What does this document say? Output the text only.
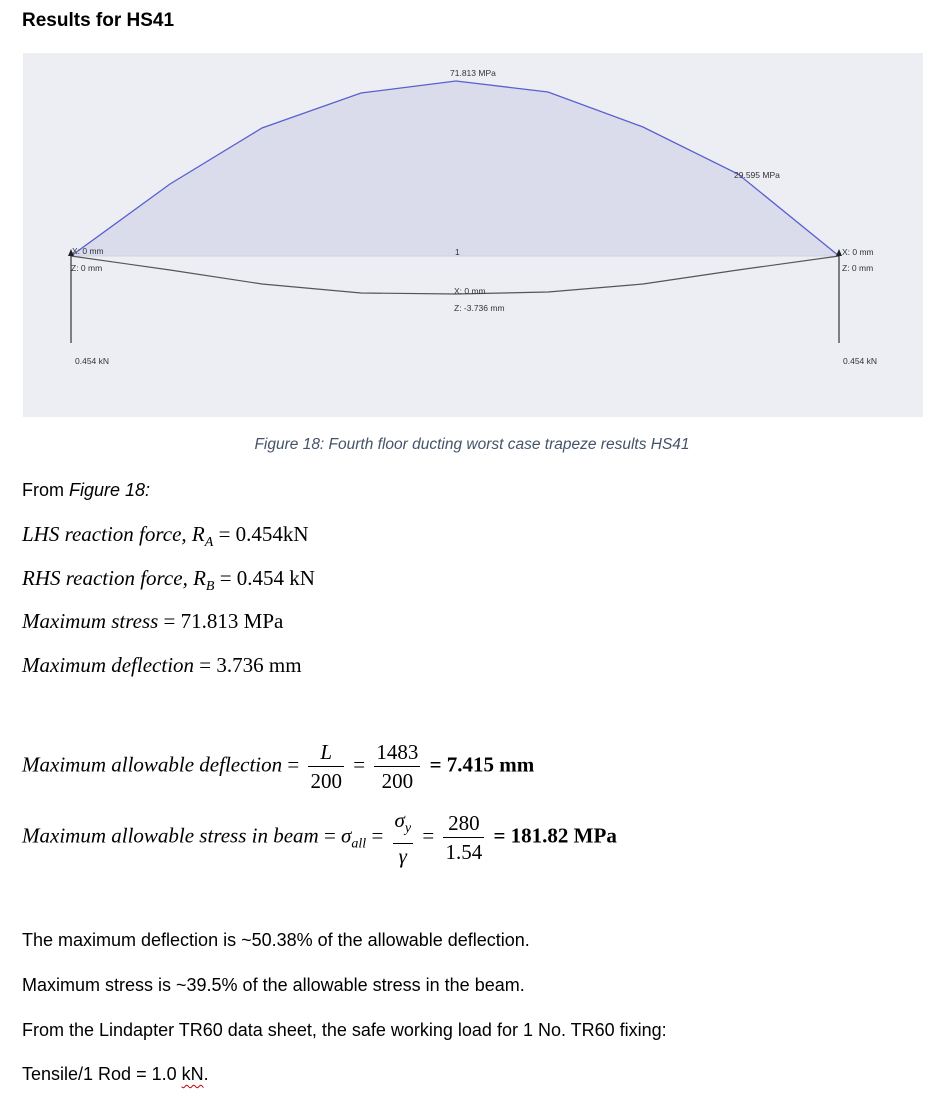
Results for HS41
71.813 MPa
29.595 MPa
X: 0 mm
Z: 0 mm
X: 0 mm
Z: 0 mm
1
X: 0 mm
Z: -3.736 mm
0.454 kN	0.454 kN
Figure 18: Fourth floor ducting worst case trapeze results HS41
From Figure 18:
LHS reaction force, $R_A = 0.454kN$
RHS reaction force, $R_B = 0.454$ kN
Maximum stress = 71.813 MPa
Maximum deflection = 3.736 mm
Maximum allowable deflection = $\frac{L}{200} = \frac{1483}{200} = 7.415$ mm
Maximum allowable stress in beam = $\sigma_{all} = \frac{\sigma_y}{\gamma} = \frac{280}{1.54} = 181.82$ MPa
The maximum deflection is ~50.38% of the allowable deflection.
Maximum stress is ~39.5% of the allowable stress in the beam.
From the Lindapter TR60 data sheet, the safe working load for 1 No. TR60 fixing:
Tensile/1 Rod = 1.0 kN.
